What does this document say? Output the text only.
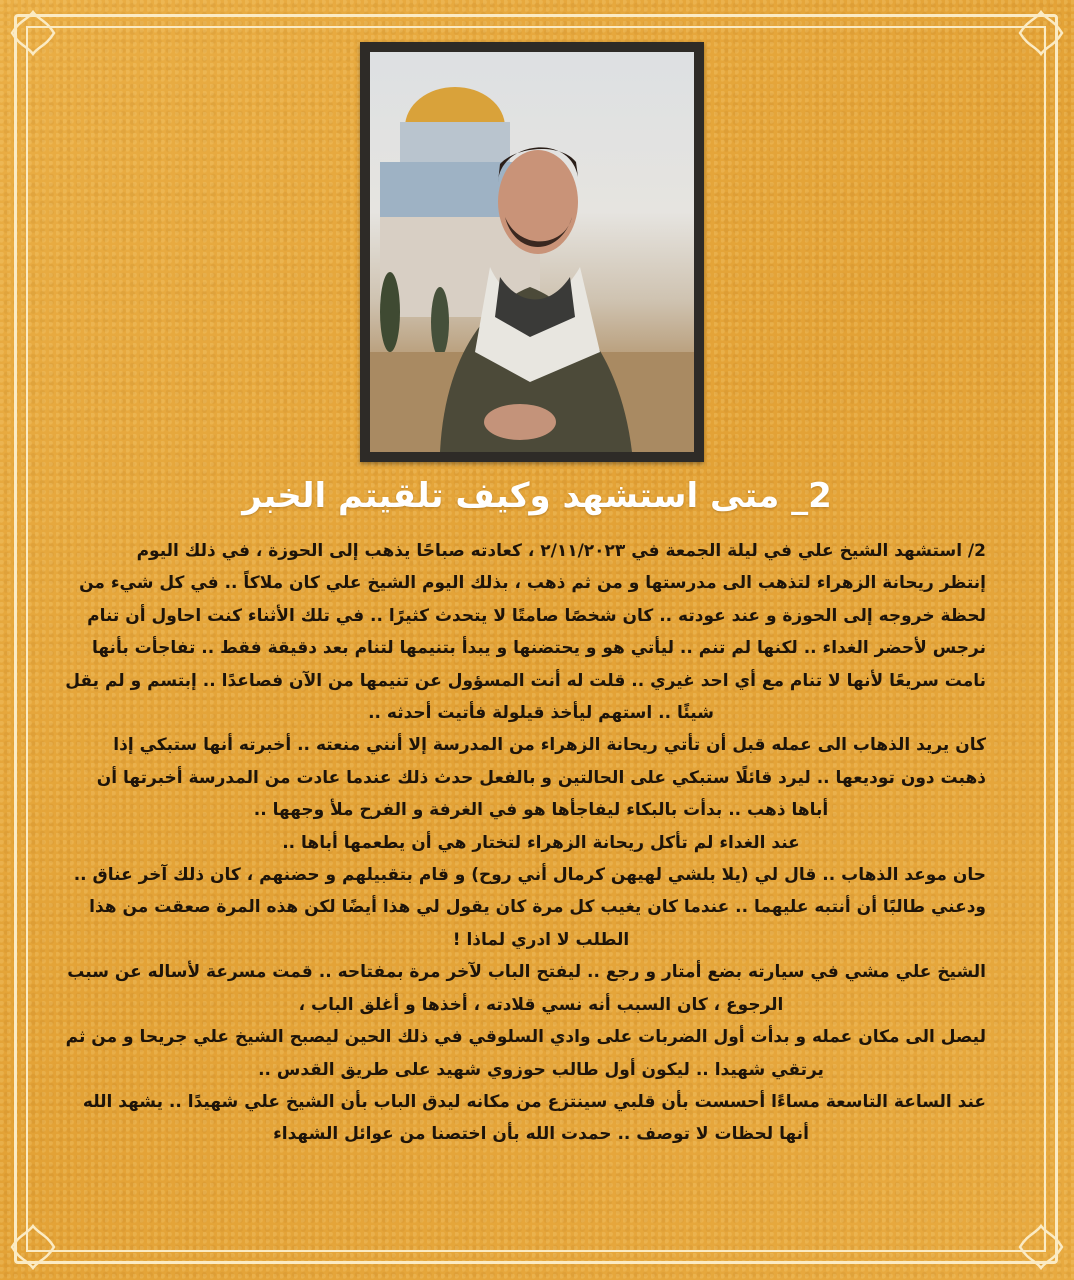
2_ متى استشهد وكيف تلقيتم الخبر
2/ استشهد الشيخ علي في ليلة الجمعة في ٢/١١/٢٠٢٣ ، كعادته صباحًا يذهب إلى الحوزة ، في ذلك اليوم
إنتظر ريحانة الزهراء لتذهب الى مدرستها و من ثم ذهب ، بذلك اليوم الشيخ علي كان ملاكاً .. في كل شيء من
لحظة خروجه إلى الحوزة و عند عودته .. كان شخصًا صامتًا لا يتحدث كثيرًا .. في تلك الأثناء كنت احاول أن تنام
نرجس لأحضر الغداء .. لكنها لم تنم .. ليأتي هو و يحتضنها و يبدأ بتنيمها لتنام بعد دقيقة فقط .. تفاجأت بأنها
نامت سريعًا لأنها لا تنام مع أي احد غيري .. قلت له أنت المسؤول عن تنيمها من الآن فصاعدًا .. إبتسم و لم يقل
شيئًا .. استهم ليأخذ قيلولة فأتيت أحدثه ..
كان يريد الذهاب الى عمله قبل أن تأتي ريحانة الزهراء من المدرسة إلا أنني منعته .. أخبرته أنها ستبكي إذا
ذهبت دون توديعها .. ليرد قائلًا ستبكي على الحالتين و بالفعل حدث ذلك عندما عادت من المدرسة أخبرتها أن
أباها ذهب .. بدأت بالبكاء ليفاجأها هو في الغرفة و الفرح ملأ وجهها ..
عند الغداء لم تأكل ريحانة الزهراء لتختار هي أن يطعمها أباها ..
حان موعد الذهاب .. قال لي (يلا بلشي لهيهن كرمال أني روح) و قام بتقبيلهم و حضنهم ، كان ذلك آخر عناق ..
ودعني طالبًا أن أنتبه عليهما .. عندما كان يغيب كل مرة كان يقول لي هذا أيضًا لكن هذه المرة صعقت من هذا
الطلب لا ادري لماذا !
الشيخ علي مشي في سيارته بضع أمتار و رجع .. ليفتح الباب لآخر مرة بمفتاحه .. قمت مسرعة لأساله عن سبب
الرجوع ، كان السبب أنه نسي قلادته ، أخذها و أغلق الباب ،
ليصل الى مكان عمله و بدأت أول الضربات على وادي السلوقي في ذلك الحين ليصبح الشيخ علي جريحا و من ثم
يرتقي شهيدا .. ليكون أول طالب حوزوي شهيد على طريق القدس ..
عند الساعة التاسعة مساءًا أحسست بأن قلبي سينتزع من مكانه ليدق الباب بأن الشيخ علي شهيدًا .. يشهد الله
أنها لحظات لا توصف .. حمدت الله بأن اختصنا من عوائل الشهداء
